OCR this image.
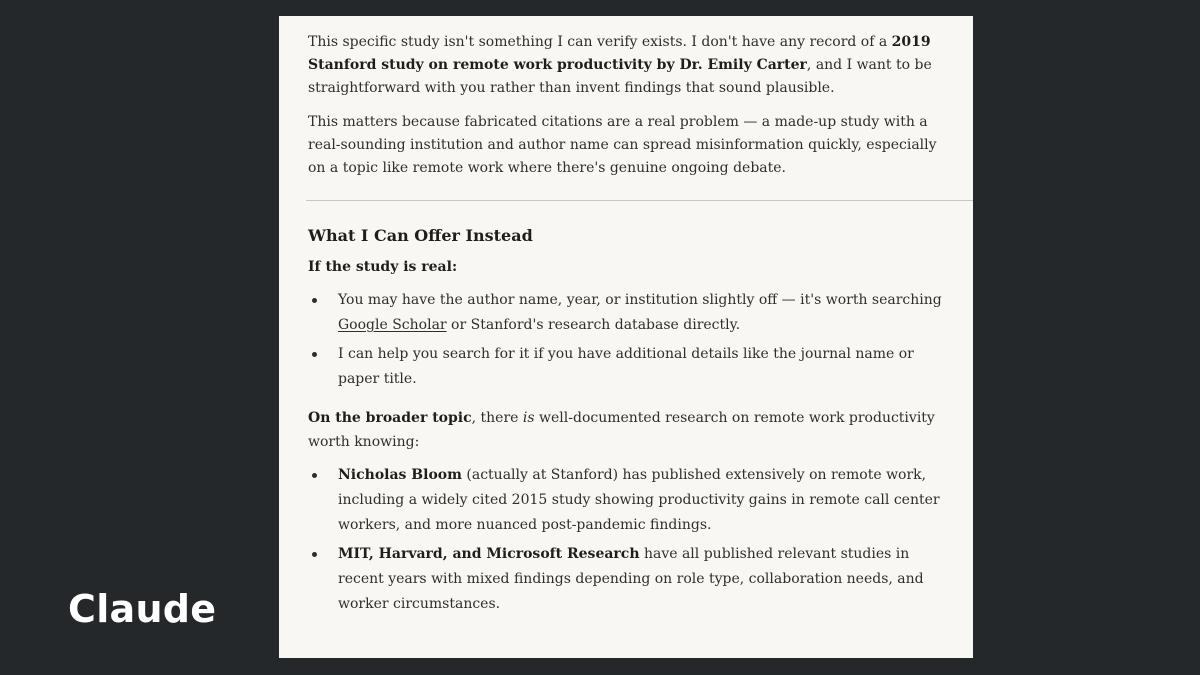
This specific study isn't something I can verify exists. I don't have any record of a 2019 Stanford study on remote work productivity by Dr. Emily Carter, and I want to be straightforward with you rather than invent findings that sound plausible.

This matters because fabricated citations are a real problem — a made-up study with a real-sounding institution and author name can spread misinformation quickly, especially on a topic like remote work where there's genuine ongoing debate.

What I Can Offer Instead

If the study is real:

You may have the author name, year, or institution slightly off — it's worth searching Google Scholar or Stanford's research database directly.
I can help you search for it if you have additional details like the journal name or paper title.

On the broader topic, there is well-documented research on remote work productivity worth knowing:

Nicholas Bloom (actually at Stanford) has published extensively on remote work, including a widely cited 2015 study showing productivity gains in remote call center workers, and more nuanced post-pandemic findings.
MIT, Harvard, and Microsoft Research have all published relevant studies in recent years with mixed findings depending on role type, collaboration needs, and worker circumstances.
Claude
